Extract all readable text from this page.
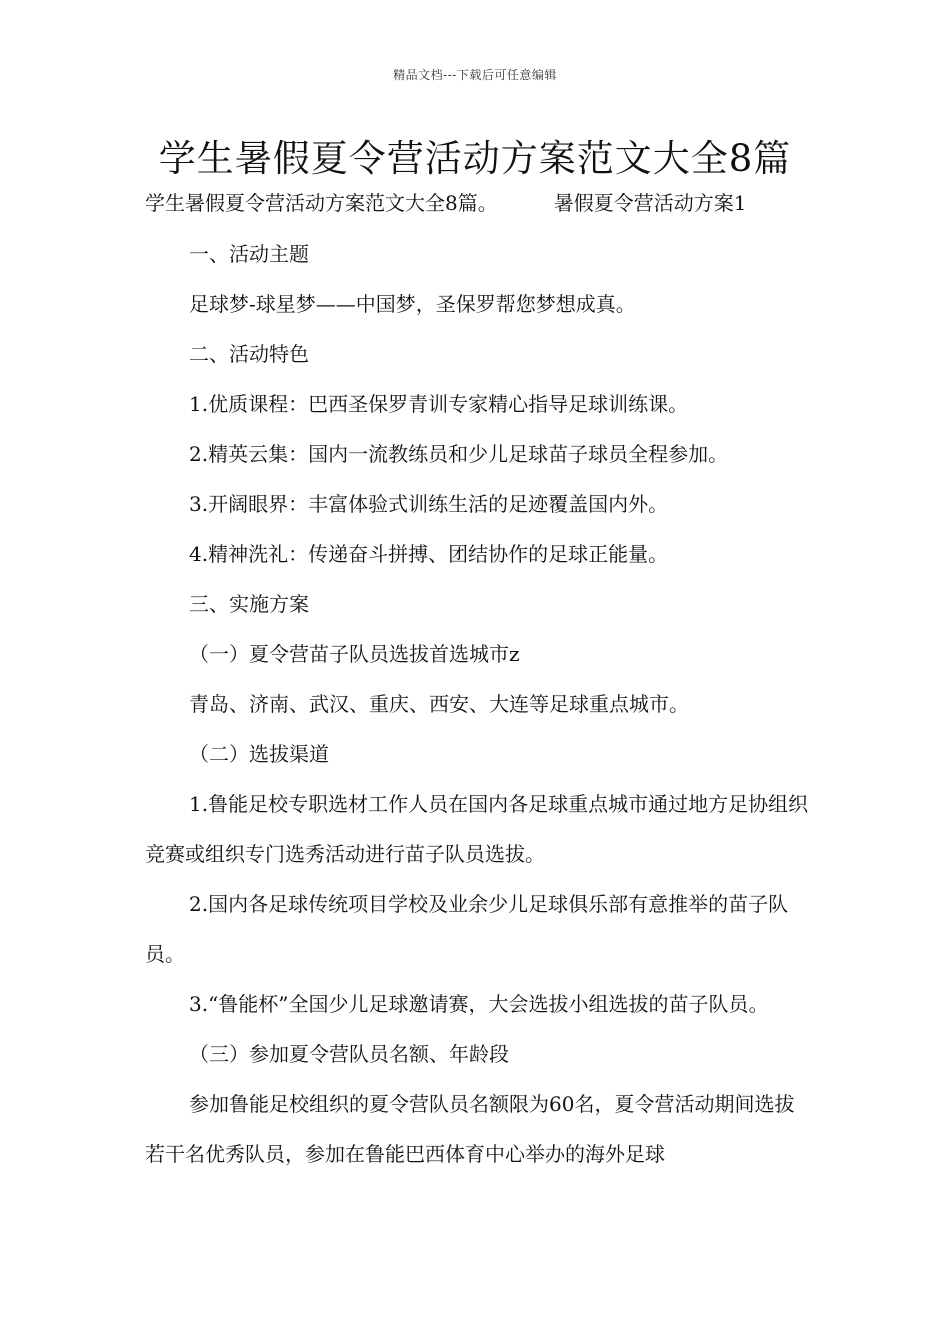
精品文档---下载后可任意编辑
学生暑假夏令营活动方案范文大全8篇
学生暑假夏令营活动方案范文大全8篇。	暑假夏令营活动方案1

一、活动主题

足球梦-球星梦——中国梦，圣保罗帮您梦想成真。

二、活动特色

1.优质课程：巴西圣保罗青训专家精心指导足球训练课。

2.精英云集：国内一流教练员和少儿足球苗子球员全程参加。

3.开阔眼界：丰富体验式训练生活的足迹覆盖国内外。

4.精神洗礼：传递奋斗拼搏、团结协作的足球正能量。

三、实施方案

（一）夏令营苗子队员选拔首选城市z

青岛、济南、武汉、重庆、西安、大连等足球重点城市。

（二）选拔渠道

1.鲁能足校专职选材工作人员在国内各足球重点城市通过地方足协组织竞赛或组织专门选秀活动进行苗子队员选拔。

2.国内各足球传统项目学校及业余少儿足球俱乐部有意推举的苗子队员。

3.“鲁能杯”全国少儿足球邀请赛，大会选拔小组选拔的苗子队员。

（三）参加夏令营队员名额、年龄段

参加鲁能足校组织的夏令营队员名额限为60名，夏令营活动期间选拔若干名优秀队员，参加在鲁能巴西体育中心举办的海外足球
